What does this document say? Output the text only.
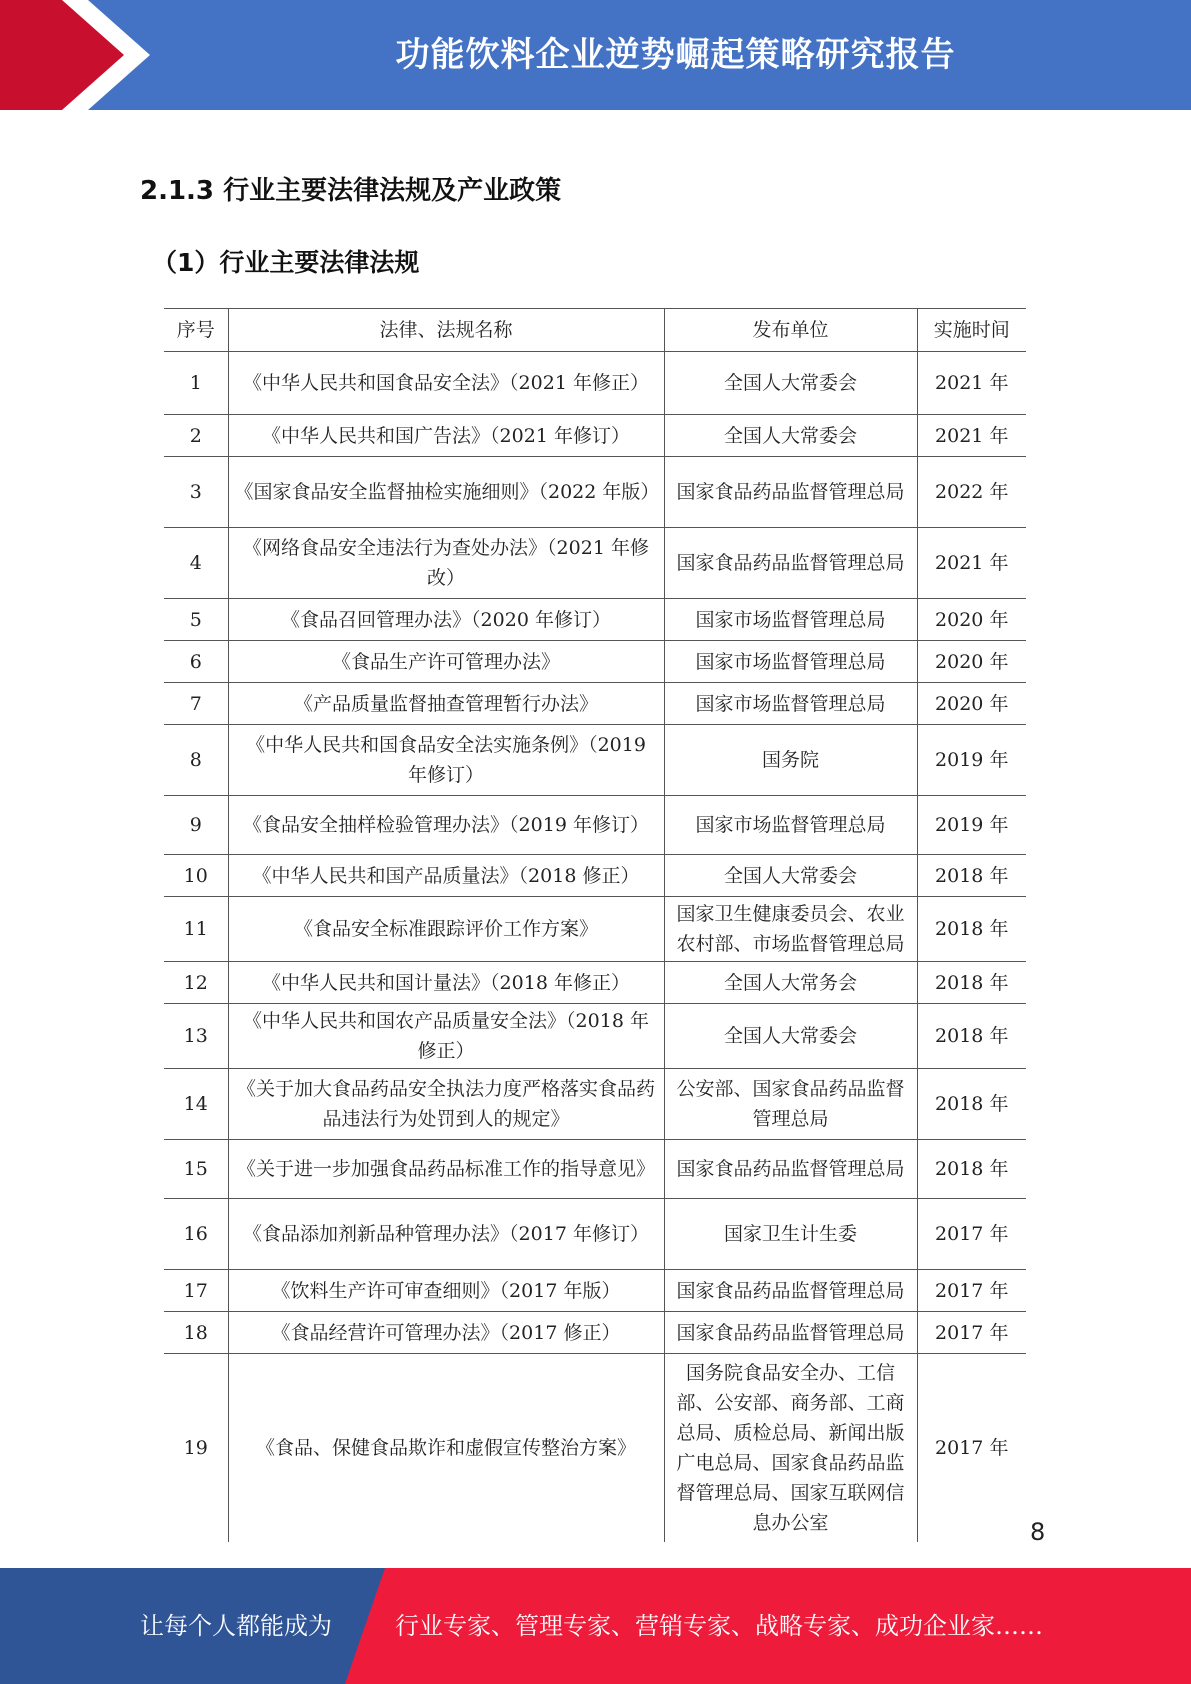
功能饮料企业逆势崛起策略研究报告
2.1.3 行业主要法律法规及产业政策
（1）行业主要法律法规
序号	法律、法规名称	发布单位	实施时间
1	《中华人民共和国食品安全法》（2021 年修正）	全国人大常委会	2021 年
2	《中华人民共和国广告法》（2021 年修订）	全国人大常委会	2021 年
3	《国家食品安全监督抽检实施细则》（2022 年版）	国家食品药品监督管理总局	2022 年
4	《网络食品安全违法行为查处办法》（2021 年修改）	国家食品药品监督管理总局	2021 年
5	《食品召回管理办法》（2020 年修订）	国家市场监督管理总局	2020 年
6	《食品生产许可管理办法》	国家市场监督管理总局	2020 年
7	《产品质量监督抽查管理暂行办法》	国家市场监督管理总局	2020 年
8	《中华人民共和国食品安全法实施条例》（2019 年修订）	国务院	2019 年
9	《食品安全抽样检验管理办法》（2019 年修订）	国家市场监督管理总局	2019 年
10	《中华人民共和国产品质量法》（2018 修正）	全国人大常委会	2018 年
11	《食品安全标准跟踪评价工作方案》	国家卫生健康委员会、农业农村部、市场监督管理总局	2018 年
12	《中华人民共和国计量法》（2018 年修正）	全国人大常务会	2018 年
13	《中华人民共和国农产品质量安全法》（2018 年修正）	全国人大常委会	2018 年
14	《关于加大食品药品安全执法力度严格落实食品药品违法行为处罚到人的规定》	公安部、国家食品药品监督管理总局	2018 年
15	《关于进一步加强食品药品标准工作的指导意见》	国家食品药品监督管理总局	2018 年
16	《食品添加剂新品种管理办法》（2017 年修订）	国家卫生计生委	2017 年
17	《饮料生产许可审查细则》（2017 年版）	国家食品药品监督管理总局	2017 年
18	《食品经营许可管理办法》（2017 修正）	国家食品药品监督管理总局	2017 年
19	《食品、保健食品欺诈和虚假宣传整治方案》	国务院食品安全办、工信部、公安部、商务部、工商总局、质检总局、新闻出版广电总局、国家食品药品监督管理总局、国家互联网信息办公室	2017 年
8
让每个人都能成为	行业专家、管理专家、营销专家、战略专家、成功企业家……
